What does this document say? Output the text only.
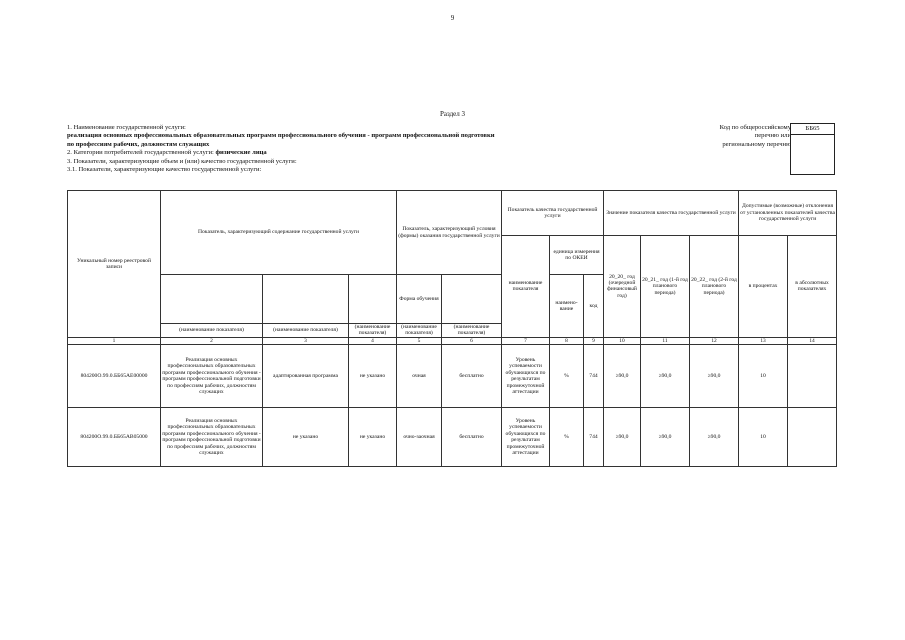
9
Раздел 3
1. Наименование государственной услуги:
реализация основных профессиональных образовательных программ профессионального обучения - программ профессиональной подготовки
по профессиям рабочих, должностям служащих
2. Категории потребителей государственной услуги: физические лица
3. Показатели, характеризующие объем и (или) качество государственной услуги:
3.1. Показатели, характеризующие качество государственной услуги:
Код по общероссийскому
перечню или
региональному перечню
ББ65
Уникальный номер реестровой записи	Показатель, характеризующий содержание государственной услуги			Показатель, характеризующий условия (формы) оказания государственной услуги		Показатель качества государственной услуги			Значение показателя качества государственной услуги			Допустимые (возможные) отклонения от установленных показателей качества государственной услуги	
						наименование показателя	единица измерения по ОКЕИ		20_20_ год (очередной финансовый год)	20_21_ год (1-й год планового периода)	20_22_ год (2-й год планового периода)	в процентах	в абсолютных показателях
				Форма обучения			наимено-вание	код					
	(наименование показателя)	(наименование показателя)	(наименование показателя)	(наименование показателя)	(наименование показателя)								
1	2	3	4	5	6	7	8	9	10	11	12	13	14
804200О.99.0.ББ65АЕ00000	Реализация основных профессиональных образовательных программ профессионального обучения - программ профессиональной подготовки по профессиям рабочих, должностям служащих	адаптированная программа	не указано	очная	бесплатно	Уровень успеваемости обучающихся по результатам промежуточной аттестации	%	744	≥90,0	≥90,0	≥90,0	10	
804200О.99.0.ББ65АВ05000	Реализация основных профессиональных образовательных программ профессионального обучения - программ профессиональной подготовки по профессиям рабочих, должностям служащих	не указано	не указано	очно-заочная	бесплатно	Уровень успеваемости обучающихся по результатам промежуточной аттестации	%	744	≥90,0	≥90,0	≥90,0	10	
